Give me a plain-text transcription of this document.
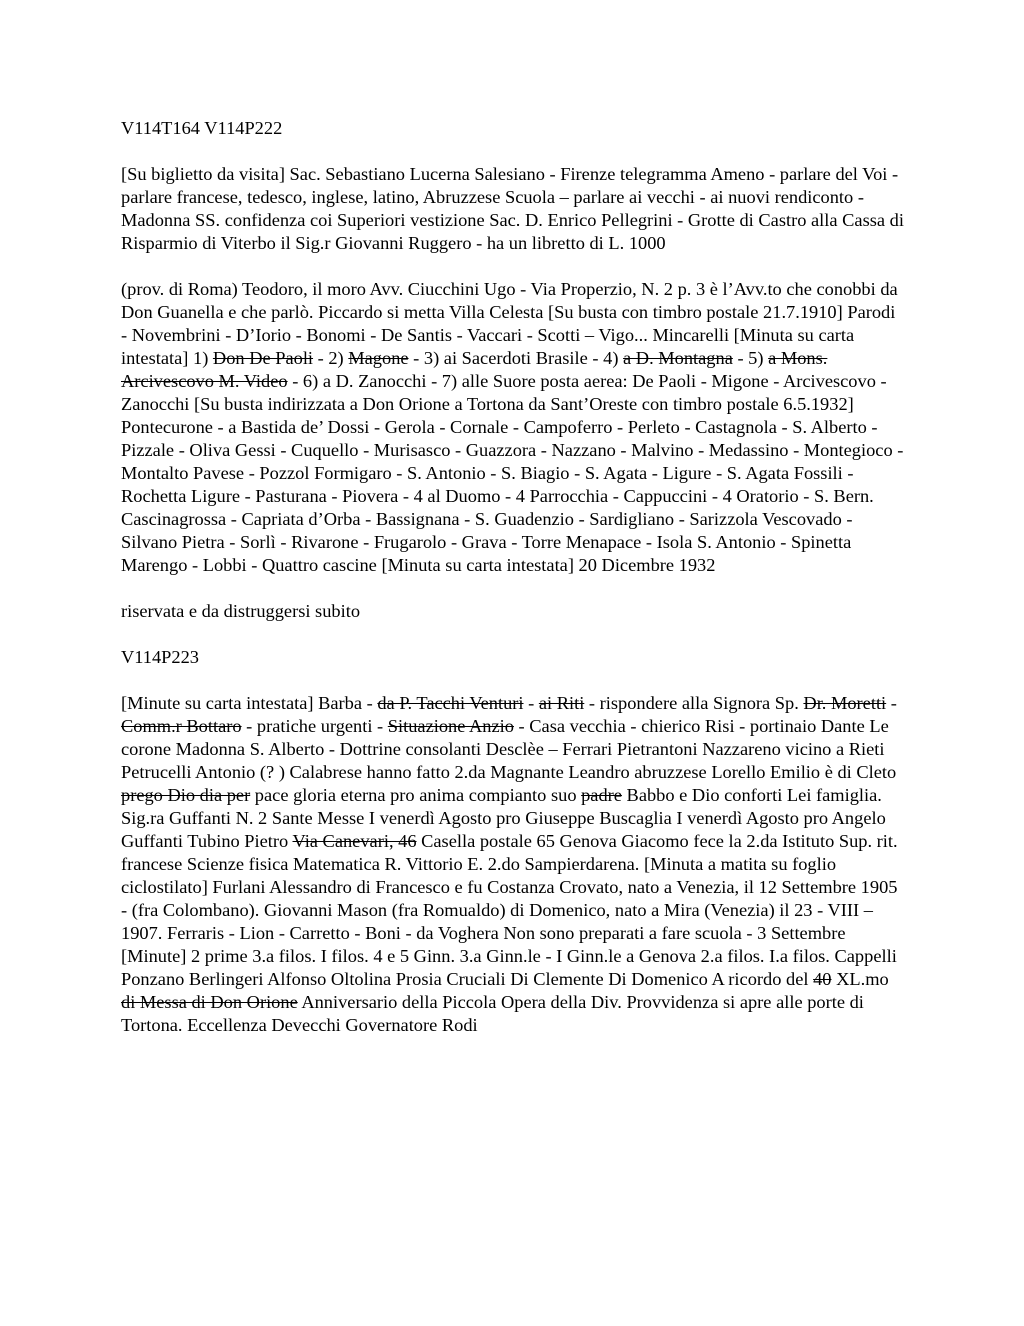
V114T164 V114P222

[Su biglietto da visita] Sac. Sebastiano Lucerna Salesiano - Firenze telegramma Ameno - parlare del Voi - parlare francese, tedesco, inglese, latino, Abruzzese Scuola – parlare ai vecchi - ai nuovi rendiconto - Madonna SS. confidenza coi Superiori vestizione Sac. D. Enrico Pellegrini - Grotte di Castro alla Cassa di Risparmio di Viterbo il Sig.r Giovanni Ruggero - ha un libretto di L. 1000

(prov. di Roma) Teodoro, il moro Avv. Ciucchini Ugo - Via Properzio, N. 2 p. 3 è l’Avv.to che conobbi da Don Guanella e che parlò. Piccardo si metta Villa Celesta [Su busta con timbro postale 21.7.1910] Parodi - Novembrini - D’Iorio - Bonomi - De Santis - Vaccari - Scotti – Vigo... Mincarelli [Minuta su carta intestata] 1) Don De Paoli - 2) Magone - 3) ai Sacerdoti Brasile - 4) a D. Montagna - 5) a Mons. Arcivescovo M. Video - 6) a D. Zanocchi - 7) alle Suore posta aerea: De Paoli - Migone - Arcivescovo - Zanocchi [Su busta indirizzata a Don Orione a Tortona da Sant’Oreste con timbro postale 6.5.1932] Pontecurone - a Bastida de’ Dossi - Gerola - Cornale - Campoferro - Perleto - Castagnola - S. Alberto - Pizzale - Oliva Gessi - Cuquello - Murisasco - Guazzora - Nazzano - Malvino - Medassino - Montegioco - Montalto Pavese - Pozzol Formigaro - S. Antonio - S. Biagio - S. Agata - Ligure - S. Agata Fossili - Rochetta Ligure - Pasturana - Piovera - 4 al Duomo - 4 Parrocchia - Cappuccini - 4 Oratorio - S. Bern. Cascinagrossa - Capriata d’Orba - Bassignana - S. Guadenzio - Sardigliano - Sarizzola Vescovado - Silvano Pietra - Sorlì - Rivarone - Frugarolo - Grava - Torre Menapace - Isola S. Antonio - Spinetta Marengo - Lobbi - Quattro cascine [Minuta su carta intestata] 20 Dicembre 1932

riservata e da distruggersi subito

V114P223

[Minute su carta intestata] Barba - da P. Tacchi Venturi - ai Riti - rispondere alla Signora Sp. Dr. Moretti - Comm.r Bottaro - pratiche urgenti - Situazione Anzio - Casa vecchia - chierico Risi - portinaio Dante Le corone Madonna S. Alberto - Dottrine consolanti Desclèe – Ferrari Pietrantoni Nazzareno vicino a Rieti Petrucelli Antonio (? ) Calabrese hanno fatto 2.da Magnante Leandro abruzzese Lorello Emilio è di Cleto prego Dio dia per pace gloria eterna pro anima compianto suo padre Babbo e Dio conforti Lei famiglia. Sig.ra Guffanti N. 2 Sante Messe I venerdì Agosto pro Giuseppe Buscaglia I venerdì Agosto pro Angelo Guffanti Tubino Pietro Via Canevari, 46 Casella postale 65 Genova Giacomo fece la 2.da Istituto Sup. rit. francese Scienze fisica Matematica R. Vittorio E. 2.do Sampierdarena. [Minuta a matita su foglio ciclostilato] Furlani Alessandro di Francesco e fu Costanza Crovato, nato a Venezia, il 12 Settembre 1905 - (fra Colombano). Giovanni Mason (fra Romualdo) di Domenico, nato a Mira (Venezia) il 23 - VIII – 1907. Ferraris - Lion - Carretto - Boni - da Voghera Non sono preparati a fare scuola - 3 Settembre [Minute] 2 prime 3.a filos. I filos. 4 e 5 Ginn. 3.a Ginn.le - I Ginn.le a Genova 2.a filos. I.a filos. Cappelli Ponzano Berlingeri Alfonso Oltolina Prosia Cruciali Di Clemente Di Domenico A ricordo del 40 XL.mo di Messa di Don Orione Anniversario della Piccola Opera della Div. Provvidenza si apre alle porte di Tortona. Eccellenza Devecchi Governatore Rodi
